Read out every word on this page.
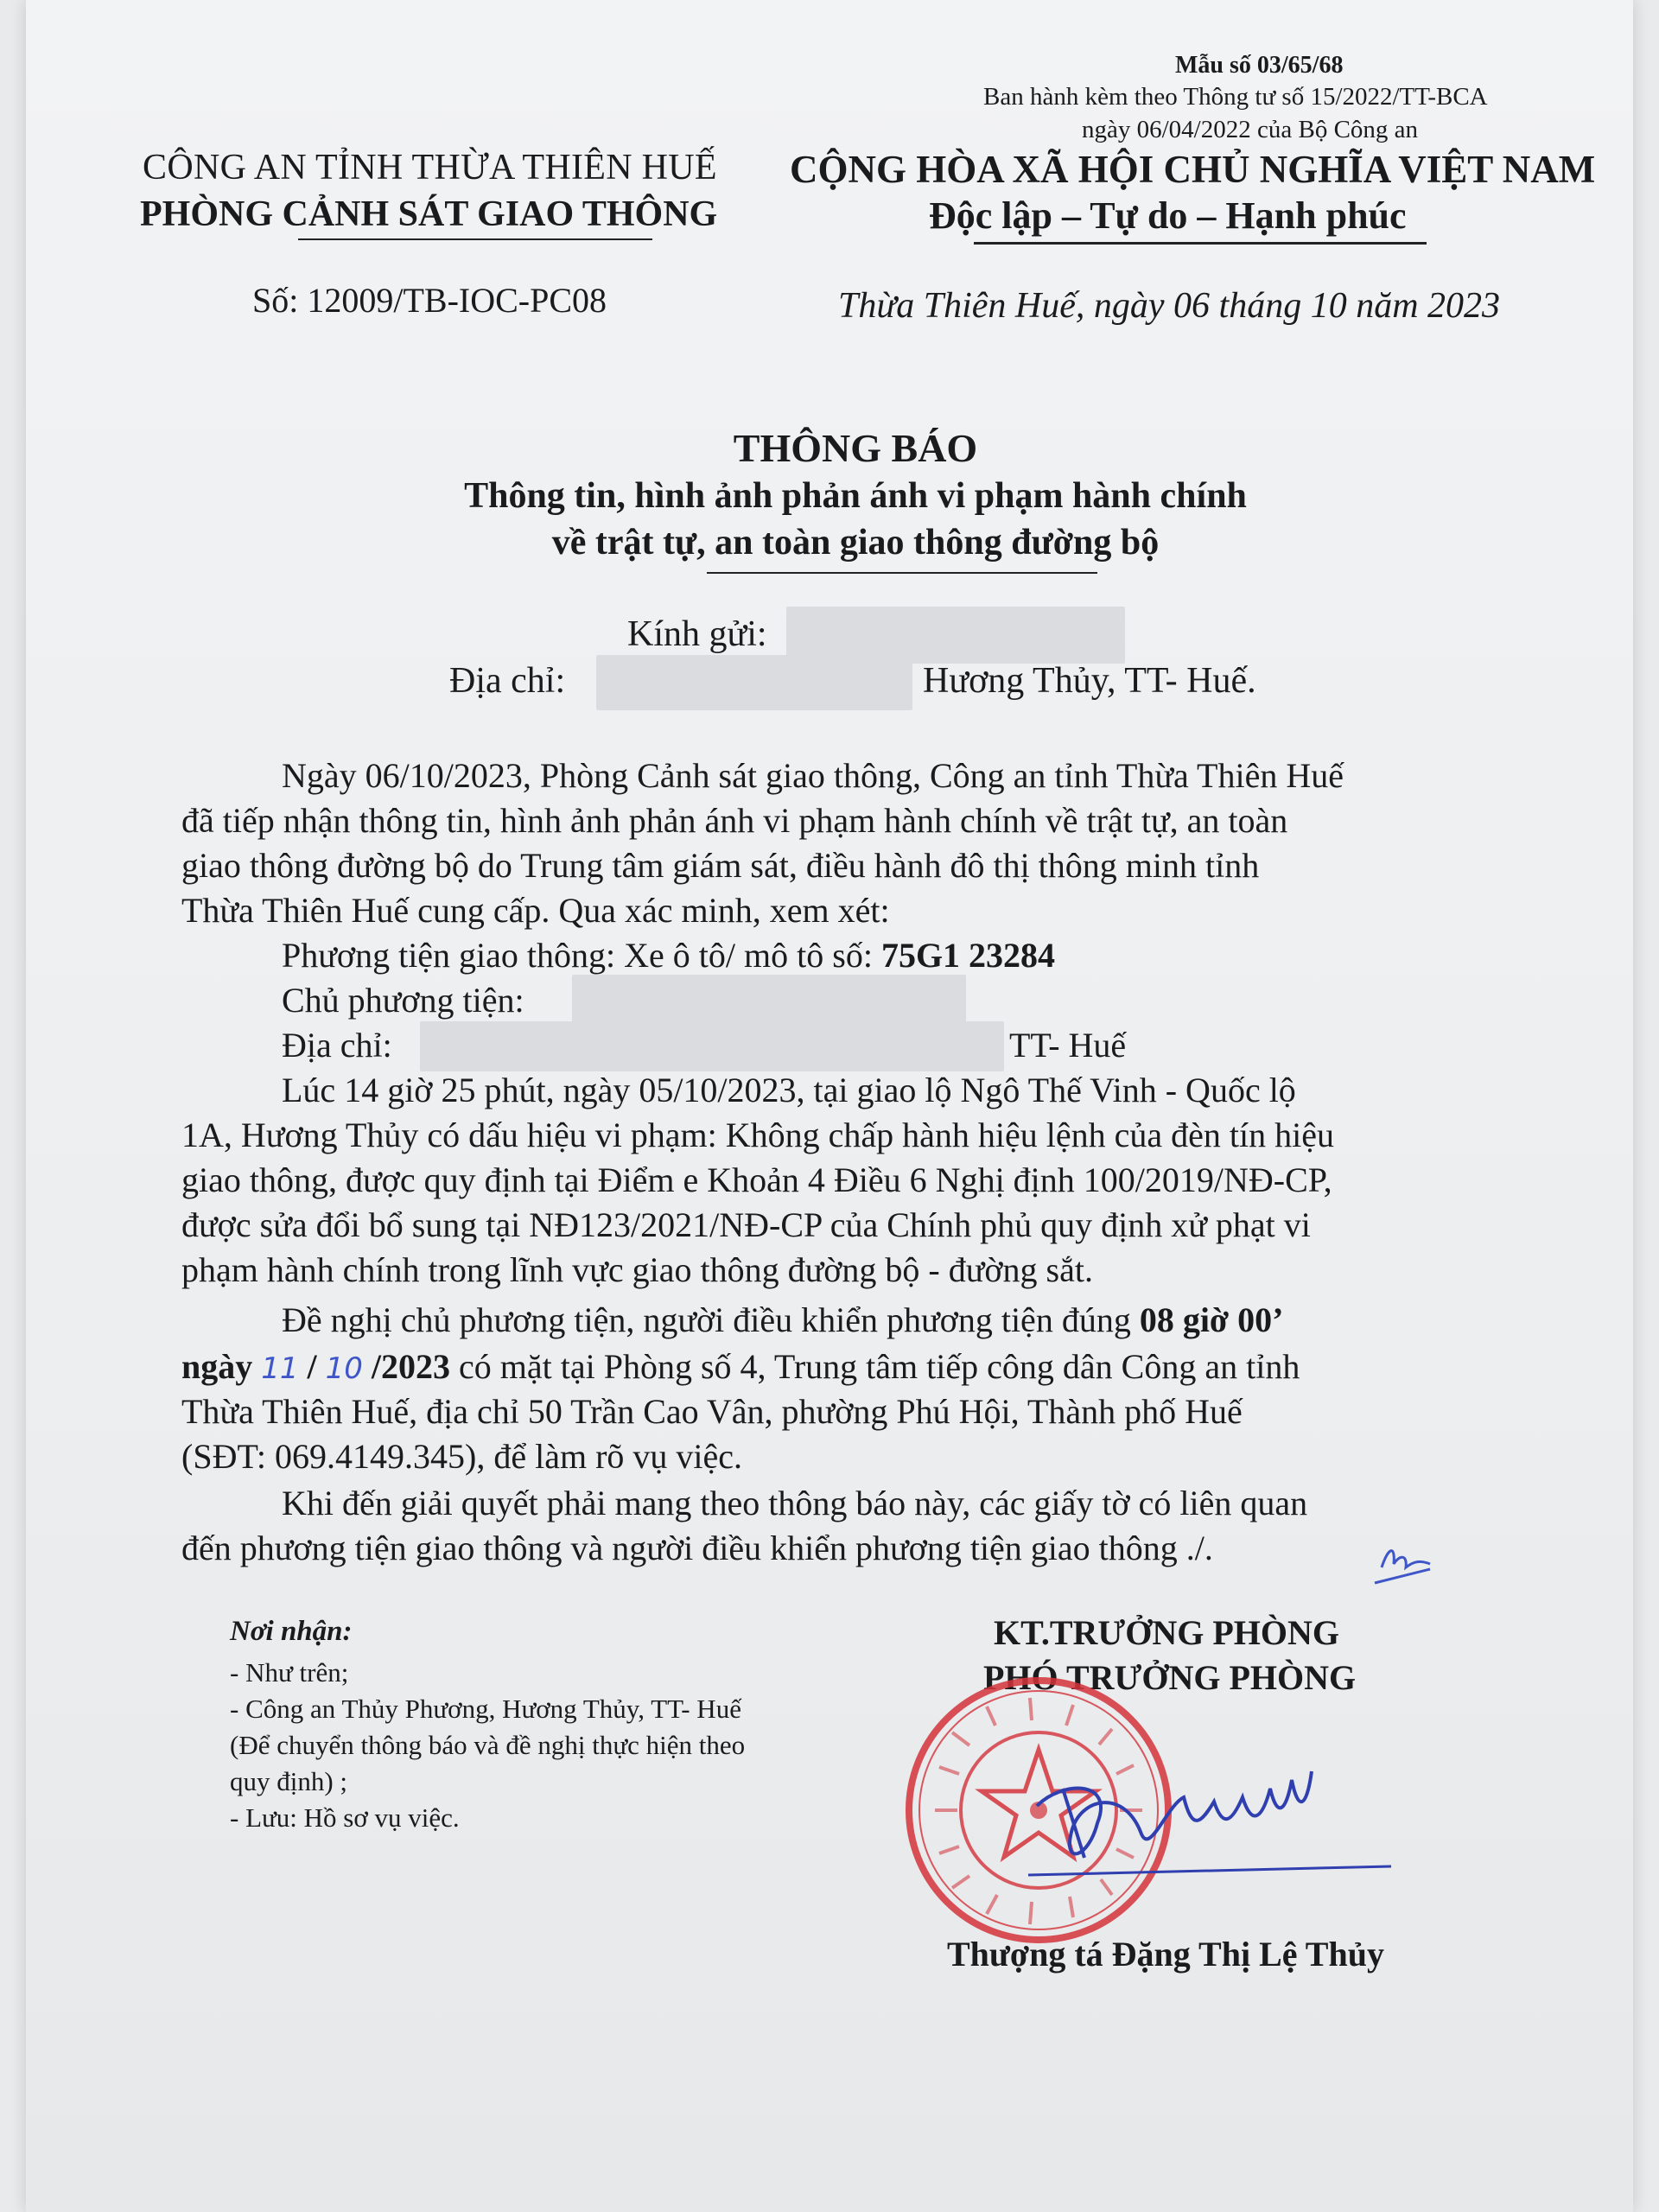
Mẫu số 03/65/68
Ban hành kèm theo Thông tư số 15/2022/TT-BCA
ngày 06/04/2022 của Bộ Công an
CÔNG AN TỈNH THỪA THIÊN HUẾ
PHÒNG CẢNH SÁT GIAO THÔNG
CỘNG HÒA XÃ HỘI CHỦ NGHĨA VIỆT NAM
Độc lập – Tự do – Hạnh phúc
Số: 12009/TB-IOC-PC08	Thừa Thiên Huế, ngày 06 tháng 10 năm 2023
THÔNG BÁO
Thông tin, hình ảnh phản ánh vi phạm hành chính
về trật tự, an toàn giao thông đường bộ
Kính gửi:
Địa chỉ:	Hương Thủy, TT- Huế.
Ngày 06/10/2023, Phòng Cảnh sát giao thông, Công an tỉnh Thừa Thiên Huế
đã tiếp nhận thông tin, hình ảnh phản ánh vi phạm hành chính về trật tự, an toàn
giao thông đường bộ do Trung tâm giám sát, điều hành đô thị thông minh tỉnh
Thừa Thiên Huế cung cấp. Qua xác minh, xem xét:
Phương tiện giao thông: Xe ô tô/ mô tô số: 75G1 23284
Chủ phương tiện:
Địa chỉ:	TT- Huế
Lúc 14 giờ 25 phút, ngày 05/10/2023, tại giao lộ Ngô Thế Vinh - Quốc lộ
1A, Hương Thủy có dấu hiệu vi phạm: Không chấp hành hiệu lệnh của đèn tín hiệu
giao thông, được quy định tại Điểm e Khoản 4 Điều 6 Nghị định 100/2019/NĐ-CP,
được sửa đổi bổ sung tại NĐ123/2021/NĐ-CP của Chính phủ quy định xử phạt vi
phạm hành chính trong lĩnh vực giao thông đường bộ - đường sắt.
Đề nghị chủ phương tiện, người điều khiển phương tiện đúng 08 giờ 00’
ngày 11 / 10 /2023 có mặt tại Phòng số 4, Trung tâm tiếp công dân Công an tỉnh
Thừa Thiên Huế, địa chỉ 50 Trần Cao Vân, phường Phú Hội, Thành phố Huế
(SĐT: 069.4149.345), để làm rõ vụ việc.
Khi đến giải quyết phải mang theo thông báo này, các giấy tờ có liên quan
đến phương tiện giao thông và người điều khiển phương tiện giao thông ./.
Nơi nhận:
- Như trên;
- Công an Thủy Phương, Hương Thủy, TT- Huế
(Để chuyển thông báo và đề nghị thực hiện theo
quy định) ;
- Lưu: Hồ sơ vụ việc.
KT.TRƯỞNG PHÒNG
PHÓ TRƯỞNG PHÒNG
Thượng tá Đặng Thị Lệ Thủy
